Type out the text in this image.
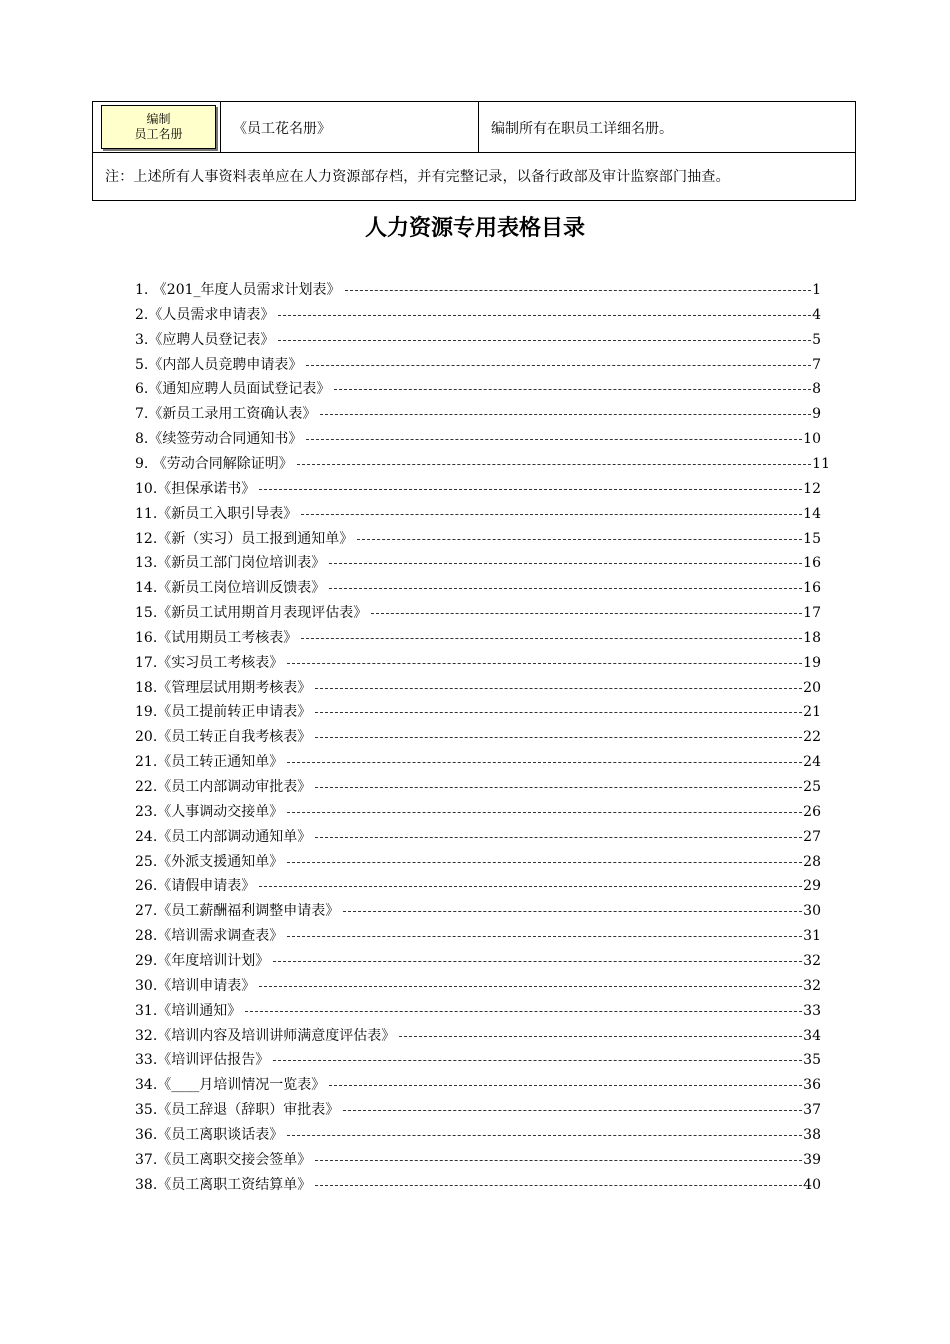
编制
员工名册	《员工花名册》	编制所有在职员工详细名册。
注：上述所有人事资料表单应在人力资源部存档，并有完整记录，以备行政部及审计监察部门抽查。
人力资源专用表格目录
1. 《201_年度人员需求计划表》	1
2.《人员需求申请表》	4
3.《应聘人员登记表》	5
5.《内部人员竞聘申请表》	7
6.《通知应聘人员面试登记表》	8
7.《新员工录用工资确认表》	9
8.《续签劳动合同通知书》	10
9. 《劳动合同解除证明》	11
10.《担保承诺书》	12
11.《新员工入职引导表》	14
12.《新（实习）员工报到通知单》	15
13.《新员工部门岗位培训表》	16
14.《新员工岗位培训反馈表》	16
15.《新员工试用期首月表现评估表》	17
16.《试用期员工考核表》	18
17.《实习员工考核表》	19
18.《管理层试用期考核表》	20
19.《员工提前转正申请表》	21
20.《员工转正自我考核表》	22
21.《员工转正通知单》	24
22.《员工内部调动审批表》	25
23.《人事调动交接单》	26
24.《员工内部调动通知单》	27
25.《外派支援通知单》	28
26.《请假申请表》	29
27.《员工薪酬福利调整申请表》	30
28.《培训需求调查表》	31
29.《年度培训计划》	32
30.《培训申请表》	32
31.《培训通知》	33
32.《培训内容及培训讲师满意度评估表》	34
33.《培训评估报告》	35
34.《____月培训情况一览表》	36
35.《员工辞退（辞职）审批表》	37
36.《员工离职谈话表》	38
37.《员工离职交接会签单》	39
38.《员工离职工资结算单》	40
